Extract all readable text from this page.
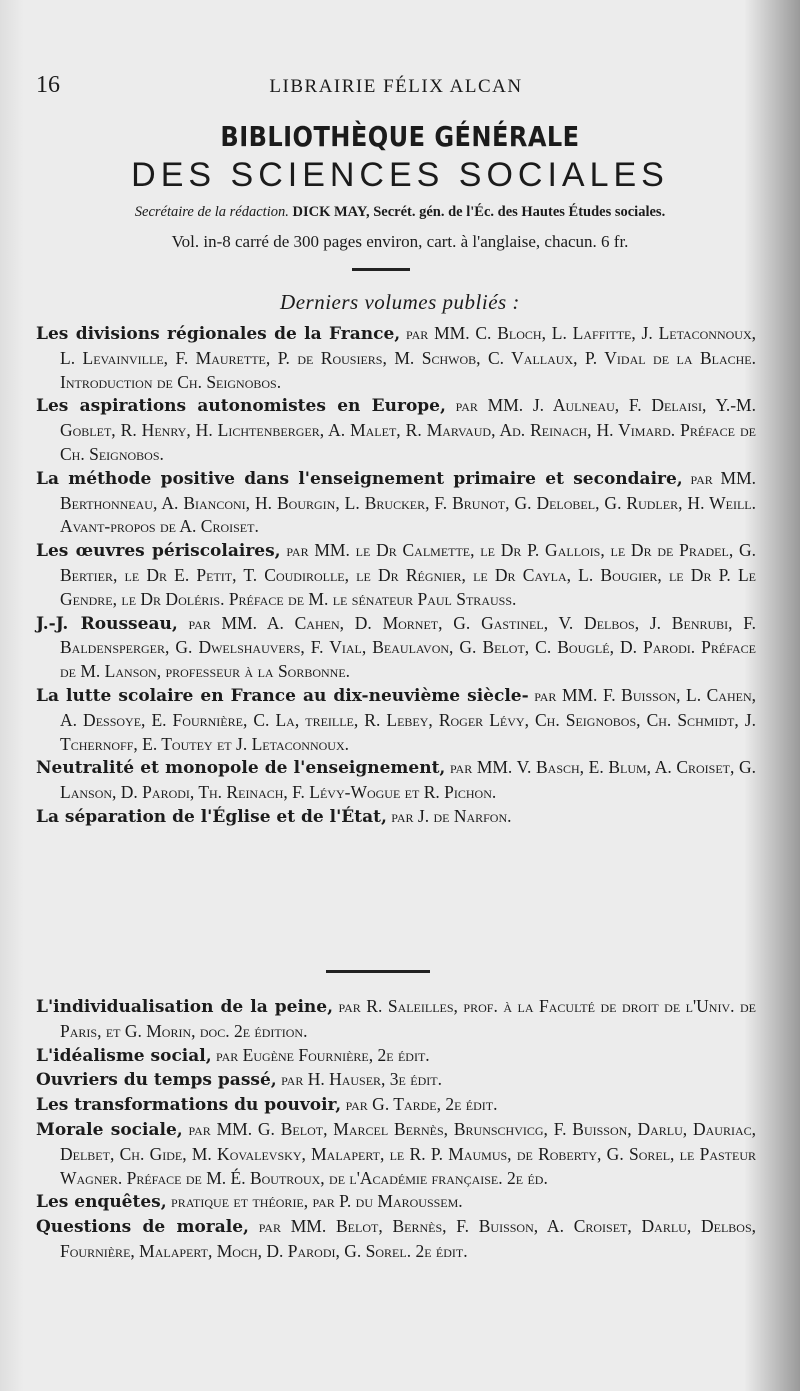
16	LIBRAIRIE FÉLIX ALCAN
BIBLIOTHÈQUE GÉNÉRALE
DES SCIENCES SOCIALES
Secrétaire de la rédaction. DICK MAY, Secrét. gén. de l'Éc. des Hautes Études sociales.
Vol. in-8 carré de 300 pages environ, cart. à l'anglaise, chacun. 6 fr.
Derniers volumes publiés :
Les divisions régionales de la France, par MM. C. Bloch, L. Laffitte, J. Letaconnoux, L. Levainville, F. Maurette, P. de Rousiers, M. Schwob, C. Vallaux, P. Vidal de la Blache. Introduction de Ch. Seignobos.
Les aspirations autonomistes en Europe, par MM. J. Aulneau, F. Delaisi, Y.-M. Goblet, R. Henry, H. Lichtenberger, A. Malet, R. Marvaud, Ad. Reinach, H. Vimard. Préface de Ch. Seignobos.
La méthode positive dans l'enseignement primaire et secondaire, par MM. Berthonneau, A. Bianconi, H. Bourgin, L. Brucker, F. Brunot, G. Delobel, G. Rudler, H. Weill. Avant-propos de A. Croiset.
Les œuvres périscolaires, par MM. le Dr Calmette, le Dr P. Gallois, le Dr de Pradel, G. Bertier, le Dr E. Petit, T. Coudirolle, le Dr Régnier, le Dr Cayla, L. Bougier, le Dr P. Le Gendre, le Dr Doléris. Préface de M. le sénateur Paul Strauss.
J.-J. Rousseau, par MM. A. Cahen, D. Mornet, G. Gastinel, V. Delbos, J. Benrubi, F. Baldensperger, G. Dwelshauvers, F. Vial, Beaulavon, G. Belot, C. Bouglé, D. Parodi. Préface de M. Lanson, professeur à la Sorbonne.
La lutte scolaire en France au dix-neuvième siècle- par MM. F. Buisson, L. Cahen, A. Dessoye, E. Fournière, C. La, treille, R. Lebey, Roger Lévy, Ch. Seignobos, Ch. Schmidt, J. Tchernoff, E. Toutey et J. Letaconnoux.
Neutralité et monopole de l'enseignement, par MM. V. Basch, E. Blum, A. Croiset, G. Lanson, D. Parodi, Th. Reinach, F. Lévy-Wogue et R. Pichon.
La séparation de l'Église et de l'État, par J. de Narfon.
L'individualisation de la peine, par R. Saleilles, prof. à la Faculté de droit de l'Univ. de Paris, et G. Morin, doc. 2e édition.
L'idéalisme social, par Eugène Fournière, 2e édit.
Ouvriers du temps passé, par H. Hauser, 3e édit.
Les transformations du pouvoir, par G. Tarde, 2e édit.
Morale sociale, par MM. G. Belot, Marcel Bernès, Brunschvicg, F. Buisson, Darlu, Dauriac, Delbet, Ch. Gide, M. Kovalevsky, Malapert, le R. P. Maumus, de Roberty, G. Sorel, le Pasteur Wagner. Préface de M. É. Boutroux, de l'Académie française. 2e éd.
Les enquêtes, pratique et théorie, par P. du Maroussem.
Questions de morale, par MM. Belot, Bernès, F. Buisson, A. Croiset, Darlu, Delbos, Fournière, Malapert, Moch, D. Parodi, G. Sorel. 2e édit.
